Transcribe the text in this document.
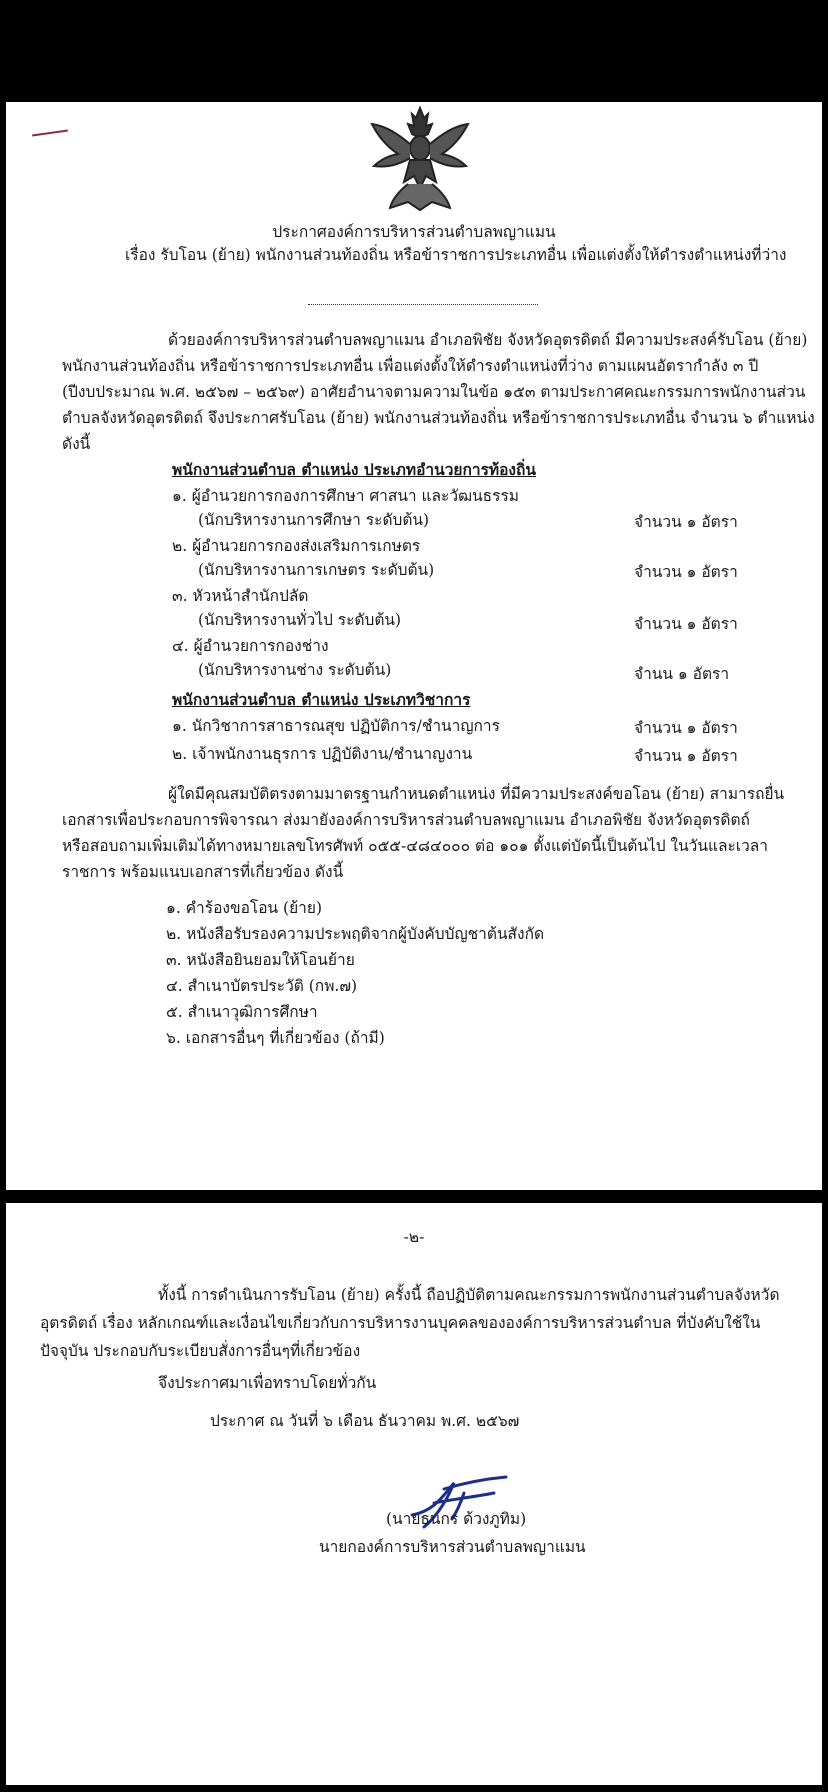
ประกาศองค์การบริหารส่วนตำบลพญาแมน
เรื่อง รับโอน (ย้าย) พนักงานส่วนท้องถิ่น หรือข้าราชการประเภทอื่น เพื่อแต่งตั้งให้ดำรงตำแหน่งที่ว่าง
ด้วยองค์การบริหารส่วนตำบลพญาแมน อำเภอพิชัย จังหวัดอุตรดิตถ์ มีความประสงค์รับโอน (ย้าย)
พนักงานส่วนท้องถิ่น หรือข้าราชการประเภทอื่น เพื่อแต่งตั้งให้ดำรงตำแหน่งที่ว่าง ตามแผนอัตรากำลัง ๓ ปี
(ปีงบประมาณ พ.ศ. ๒๕๖๗ – ๒๕๖๙) อาศัยอำนาจตามความในข้อ ๑๕๓ ตามประกาศคณะกรรมการพนักงานส่วน
ตำบลจังหวัดอุตรดิตถ์ จึงประกาศรับโอน (ย้าย) พนักงานส่วนท้องถิ่น หรือข้าราชการประเภทอื่น จำนวน ๖ ตำแหน่ง
ดังนี้
พนักงานส่วนตำบล ตำแหน่ง ประเภทอำนวยการท้องถิ่น
๑. ผู้อำนวยการกองการศึกษา ศาสนา และวัฒนธรรม
(นักบริหารงานการศึกษา ระดับต้น)	จำนวน ๑ อัตรา
๒. ผู้อำนวยการกองส่งเสริมการเกษตร
(นักบริหารงานการเกษตร ระดับต้น)	จำนวน ๑ อัตรา
๓. หัวหน้าสำนักปลัด
(นักบริหารงานทั่วไป ระดับต้น)	จำนวน ๑ อัตรา
๔. ผู้อำนวยการกองช่าง
(นักบริหารงานช่าง ระดับต้น)	จำนน ๑ อัตรา
พนักงานส่วนตำบล ตำแหน่ง ประเภทวิชาการ
๑. นักวิชาการสาธารณสุข ปฏิบัติการ/ชำนาญการ	จำนวน ๑ อัตรา
๒. เจ้าพนักงานธุรการ ปฏิบัติงาน/ชำนาญงาน	จำนวน ๑ อัตรา
ผู้ใดมีคุณสมบัติตรงตามมาตรฐานกำหนดตำแหน่ง ที่มีความประสงค์ขอโอน (ย้าย) สามารถยื่น
เอกสารเพื่อประกอบการพิจารณา ส่งมายังองค์การบริหารส่วนตำบลพญาแมน อำเภอพิชัย จังหวัดอุตรดิตถ์
หรือสอบถามเพิ่มเติมได้ทางหมายเลขโทรศัพท์ ๐๕๕-๔๘๔๐๐๐ ต่อ ๑๐๑ ตั้งแต่บัดนี้เป็นต้นไป ในวันและเวลา
ราชการ พร้อมแนบเอกสารที่เกี่ยวข้อง ดังนี้
๑. คำร้องขอโอน (ย้าย)
๒. หนังสือรับรองความประพฤติจากผู้บังคับบัญชาต้นสังกัด
๓. หนังสือยินยอมให้โอนย้าย
๔. สำเนาบัตรประวัติ (กพ.๗)
๕. สำเนาวุฒิการศึกษา
๖. เอกสารอื่นๆ ที่เกี่ยวข้อง (ถ้ามี)
-๒-
ทั้งนี้ การดำเนินการรับโอน (ย้าย) ครั้งนี้ ถือปฏิบัติตามคณะกรรมการพนักงานส่วนตำบลจังหวัด
อุตรดิตถ์ เรื่อง หลักเกณฑ์และเงื่อนไขเกี่ยวกับการบริหารงานบุคคลขององค์การบริหารส่วนตำบล ที่บังคับใช้ใน
ปัจจุบัน ประกอบกับระเบียบสั่งการอื่นๆที่เกี่ยวข้อง
จึงประกาศมาเพื่อทราบโดยทั่วกัน
ประกาศ ณ วันที่ ๖ เดือน ธันวาคม พ.ศ. ๒๕๖๗
(นายธนกร ด้วงภูทิม)
นายกองค์การบริหารส่วนตำบลพญาแมน
